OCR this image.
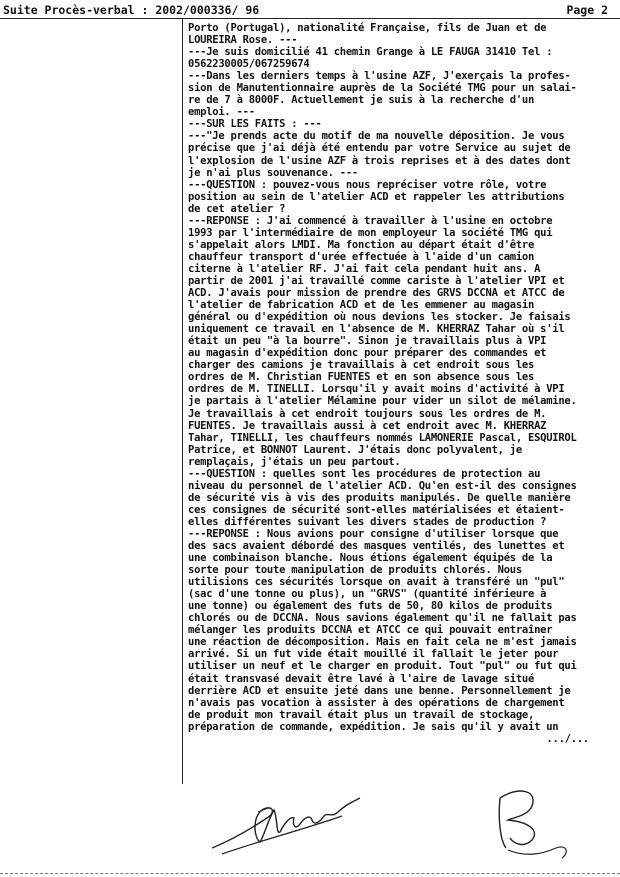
Suite Procès-verbal : 2002/000336/ 96	Page 2
Porto (Portugal), nationalité Française, fils de Juan et de
LOUREIRA Rose. ---
---Je suis domicilié 41 chemin Grange à LE FAUGA 31410 Tel :
0562230005/067259674
---Dans les derniers temps à l'usine AZF, J'exerçais la profes-
sion de Manutentionnaire auprès de la Société TMG pour un salai-
re de 7 à 8000F. Actuellement je suis à la recherche d'un
emploi. ---
---SUR LES FAITS : ---
---"Je prends acte du motif de ma nouvelle déposition. Je vous
précise que j'ai déjà été entendu par votre Service au sujet de
l'explosion de l'usine AZF à trois reprises et à des dates dont
je n'ai plus souvenance. ---
---QUESTION : pouvez-vous nous repréciser votre rôle, votre
position au sein de l'atelier ACD et rappeler les attributions
de cet atelier ?
---REPONSE : J'ai commencé à travailler à l'usine en octobre
1993 par l'intermédiaire de mon employeur la société TMG qui
s'appelait alors LMDI. Ma fonction au départ était d'être
chauffeur transport d'urée effectuée à l'aide d'un camion
citerne à l'atelier RF. J'ai fait cela pendant huit ans. A
partir de 2001 j'ai travaillé comme cariste à l'atelier VPI et
ACD. J'avais pour mission de prendre des GRVS DCCNA et ATCC de
l'atelier de fabrication ACD et de les emmener au magasin
général ou d'expédition où nous devions les stocker. Je faisais
uniquement ce travail en l'absence de M. KHERRAZ Tahar où s'il
était un peu "à la bourre". Sinon je travaillais plus à VPI
au magasin d'expédition donc pour préparer des commandes et
charger des camions je travaillais à cet endroit sous les
ordres de M. Christian FUENTES et en son absence sous les
ordres de M. TINELLI. Lorsqu'il y avait moins d'activité à VPI
je partais à l'atelier Mélamine pour vider un silot de mélamine.
Je travaillais à cet endroit toujours sous les ordres de M.
FUENTES. Je travaillais aussi à cet endroit avec M. KHERRAZ
Tahar, TINELLI, les chauffeurs nommés LAMONERIE Pascal, ESQUIROL
Patrice, et BONNOT Laurent. J'étais donc polyvalent, je
remplaçais, j'étais un peu partout.
---QUESTION : quelles sont les procédures de protection au
niveau du personnel de l'atelier ACD. Qu'en est-il des consignes
de sécurité vis à vis des produits manipulés. De quelle manière
ces consignes de sécurité sont-elles matérialisées et étaient-
elles différentes suivant les divers stades de production ?
---REPONSE : Nous avions pour consigne d'utiliser lorsque que
des sacs avaient débordé des masques ventilés, des lunettes et
une combinaison blanche. Nous étions également équipés de la
sorte pour toute manipulation de produits chlorés. Nous
utilisions ces sécurités lorsque on avait à transféré un "pul"
(sac d'une tonne ou plus), un "GRVS" (quantité inférieure à
une tonne) ou également des futs de 50, 80 kilos de produits
chlorés ou de DCCNA. Nous savions également qu'il ne fallait pas
mélanger les produits DCCNA et ATCC ce qui pouvait entraîner
une réaction de décomposition. Mais en fait cela ne m'est jamais
arrivé. Si un fut vide était mouillé il fallait le jeter pour
utiliser un neuf et le charger en produit. Tout "pul" ou fut qui
était transvasé devait être lavé à l'aire de lavage situé
derrière ACD et ensuite jeté dans une benne. Personnellement je
n'avais pas vocation à assister à des opérations de chargement
de produit mon travail était plus un travail de stockage,
préparation de commande, expédition. Je sais qu'il y avait un
.../...
